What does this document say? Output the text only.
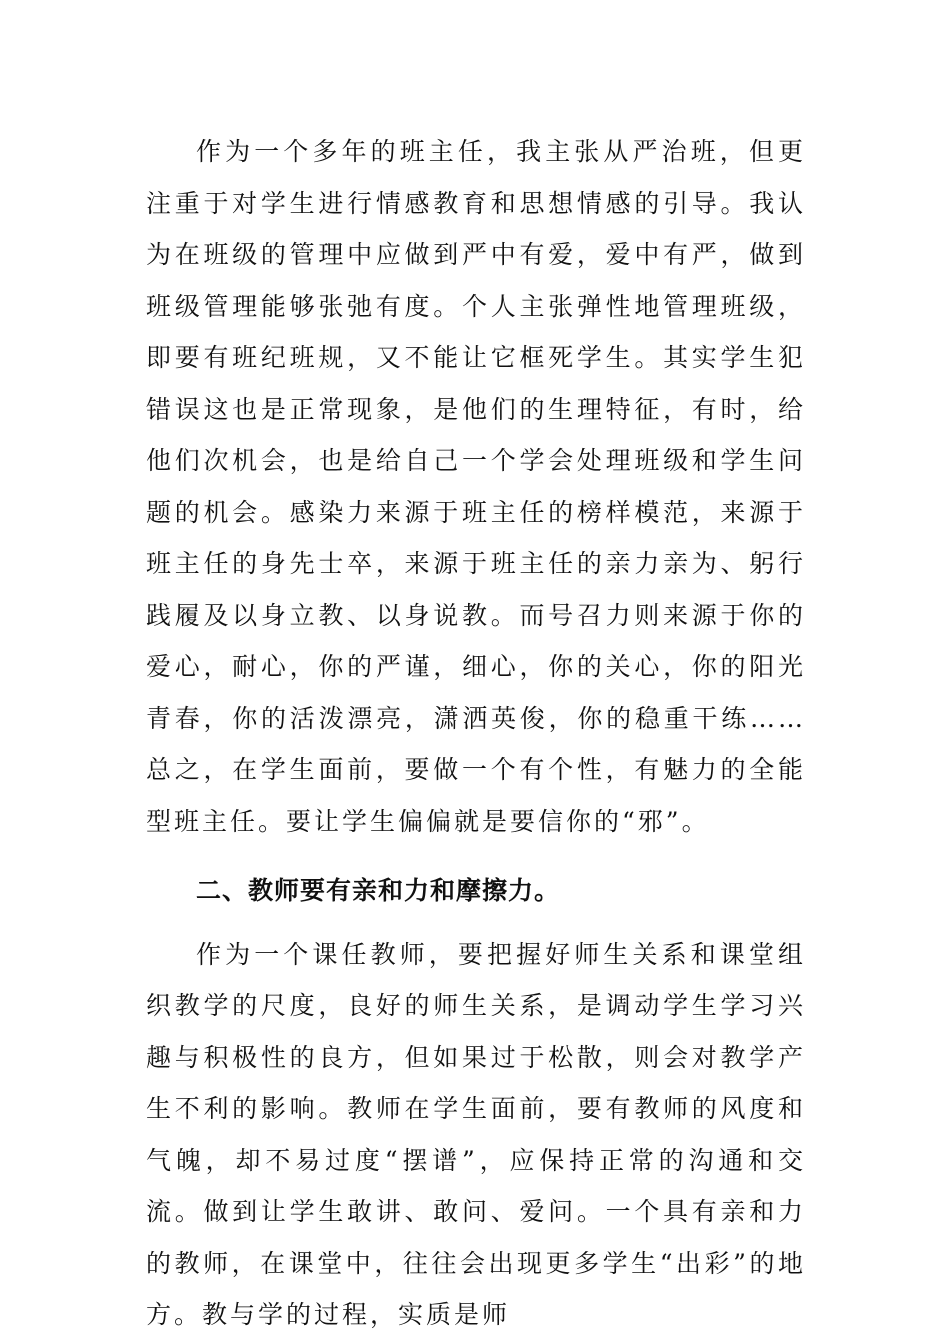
作为一个多年的班主任，我主张从严治班，但更注重于对学生进行情感教育和思想情感的引导。我认为在班级的管理中应做到严中有爱，爱中有严，做到班级管理能够张弛有度。个人主张弹性地管理班级，即要有班纪班规，又不能让它框死学生。其实学生犯错误这也是正常现象，是他们的生理特征，有时，给他们次机会，也是给自己一个学会处理班级和学生问题的机会。感染力来源于班主任的榜样模范，来源于班主任的身先士卒，来源于班主任的亲力亲为、躬行践履及以身立教、以身说教。而号召力则来源于你的爱心，耐心，你的严谨，细心，你的关心，你的阳光青春，你的活泼漂亮，潇洒英俊，你的稳重干练……总之，在学生面前，要做一个有个性，有魅力的全能型班主任。要让学生偏偏就是要信你的“邪”。

二、教师要有亲和力和摩擦力。

作为一个课任教师，要把握好师生关系和课堂组织教学的尺度，良好的师生关系，是调动学生学习兴趣与积极性的良方，但如果过于松散，则会对教学产生不利的影响。教师在学生面前，要有教师的风度和气魄，却不易过度“摆谱”，应保持正常的沟通和交流。做到让学生敢讲、敢问、爱问。一个具有亲和力的教师，在课堂中，往往会出现更多学生“出彩”的地方。教与学的过程，实质是师
